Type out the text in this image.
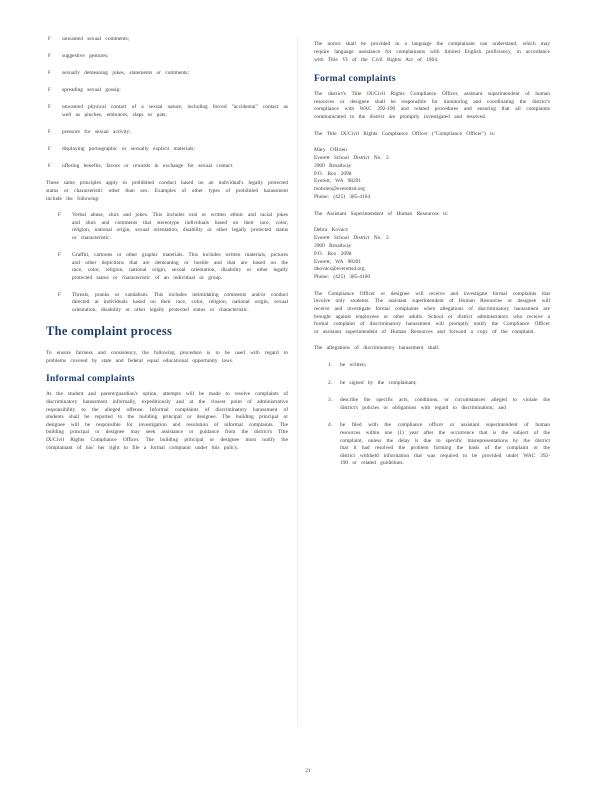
F	unwanted sexual comments;
F	suggestive gestures;
F	sexually demeaning jokes, statements or comments;
F	spreading sexual gossip;
F	unwanted physical contact of a sexual nature, including forced "accidental" contact as well as pinches, embraces, slaps or pats;
F	pressure for sexual activity;
F	displaying pornographic or sexually explicit materials;
F	offering benefits, favors or rewards in exchange for sexual contact.

These same principles apply to prohibited conduct based on an individual's legally protected status or characteristic other than sex. Examples of other types of prohibited harassment include the following:

F	Verbal abuse, slurs and jokes. This includes oral or written ethnic and racial jokes and slurs and comments that stereotype individuals based on their race, color, religion, national origin, sexual orientation, disability or other legally protected status or characteristic.
F	Graffiti, cartoons or other graphic materials. This includes written materials, pictures and other depictions that are demeaning or hostile and that are based on the race, color, religion, national origin, sexual orientation, disability or other legally protected status or characteristic of an individual or group.
F	Threats, pranks or vandalism. This includes intimidating comments and/or conduct directed at individuals based on their race, color, religion, national origin, sexual orientation, disability or other legally protected status or characteristic.
The complaint process

To ensure fairness and consistency, the following procedure is to be used with regard to problems covered by state and federal equal educational opportunity laws.

Informal complaints

At the student and parent/guardian's option, attempts will be made to resolve complaints of discriminatory harassment informally, expeditiously and at the closest point of administrative responsibility to the alleged offense. Informal complaints of discriminatory harassment of students shall be reported to the building principal or designee. The building principal or designee will be responsible for investigation and resolution of informal complaints. The building principal or designee may seek assistance or guidance from the district's Title IX/Civil Rights Compliance Officer. The building principal or designee must notify the complainant of his/ her right to file a formal complaint under this policy.

The notice shall be provided in a language the complainant can understand, which may require language assistance for complainants with limited English proficiency, in accordance with Title VI of the Civil Rights Act of 1964.

Formal complaints

The district's Title IX/Civil Rights Compliance Officer, assistant superintendent of human resources or designee shall be responsible for monitoring and coordinating the district's compliance with WAC 392-190 and related procedures and ensuring that all complaints communicated to the district are promptly investigated and resolved.

The Title IX/Civil Rights Compliance Officer ("Compliance Officer") is:

Mary O'Brien
Everett School District No. 2
3900 Broadway
P.O. Box 2098
Everett, WA 98201
mobrien@everettsd.org
Phone: (425) 385-4104

The Assistant Superintendent of Human Resources is:

Debra Kovacs
Everett School District No. 2
3900 Broadway
P.O. Box 2098
Everett, WA 98201
dkovacs@everettsd.org
Phone: (425) 385-4100

The Compliance Officer or designee will receive and investigate formal complaints that involve only students. The assistant superintendent of Human Resources or designee will receive and investigate formal complaints when allegations of discriminatory harassment are brought against employees or other adults. School or district administrators who receive a formal complaint of discriminatory harassment will promptly notify the Compliance Officer or assistant superintendent of Human Resources and forward a copy of the complaint.

The allegations of discriminatory harassment shall:

1.	be written;
2.	be signed by the complainant;
3.	describe the specific acts, conditions, or circumstances alleged to violate the district's policies or obligations with regard to discrimination; and
4.	be filed with the compliance officer or assistant superintendent of human resources within one (1) year after the occurrence that is the subject of the complaint, unless the delay is due to specific misrepresentations by the district that it had resolved the problem forming the basis of the complaint or the district withheld information that was required to be provided under WAC 392-190 or related guidelines.
21
